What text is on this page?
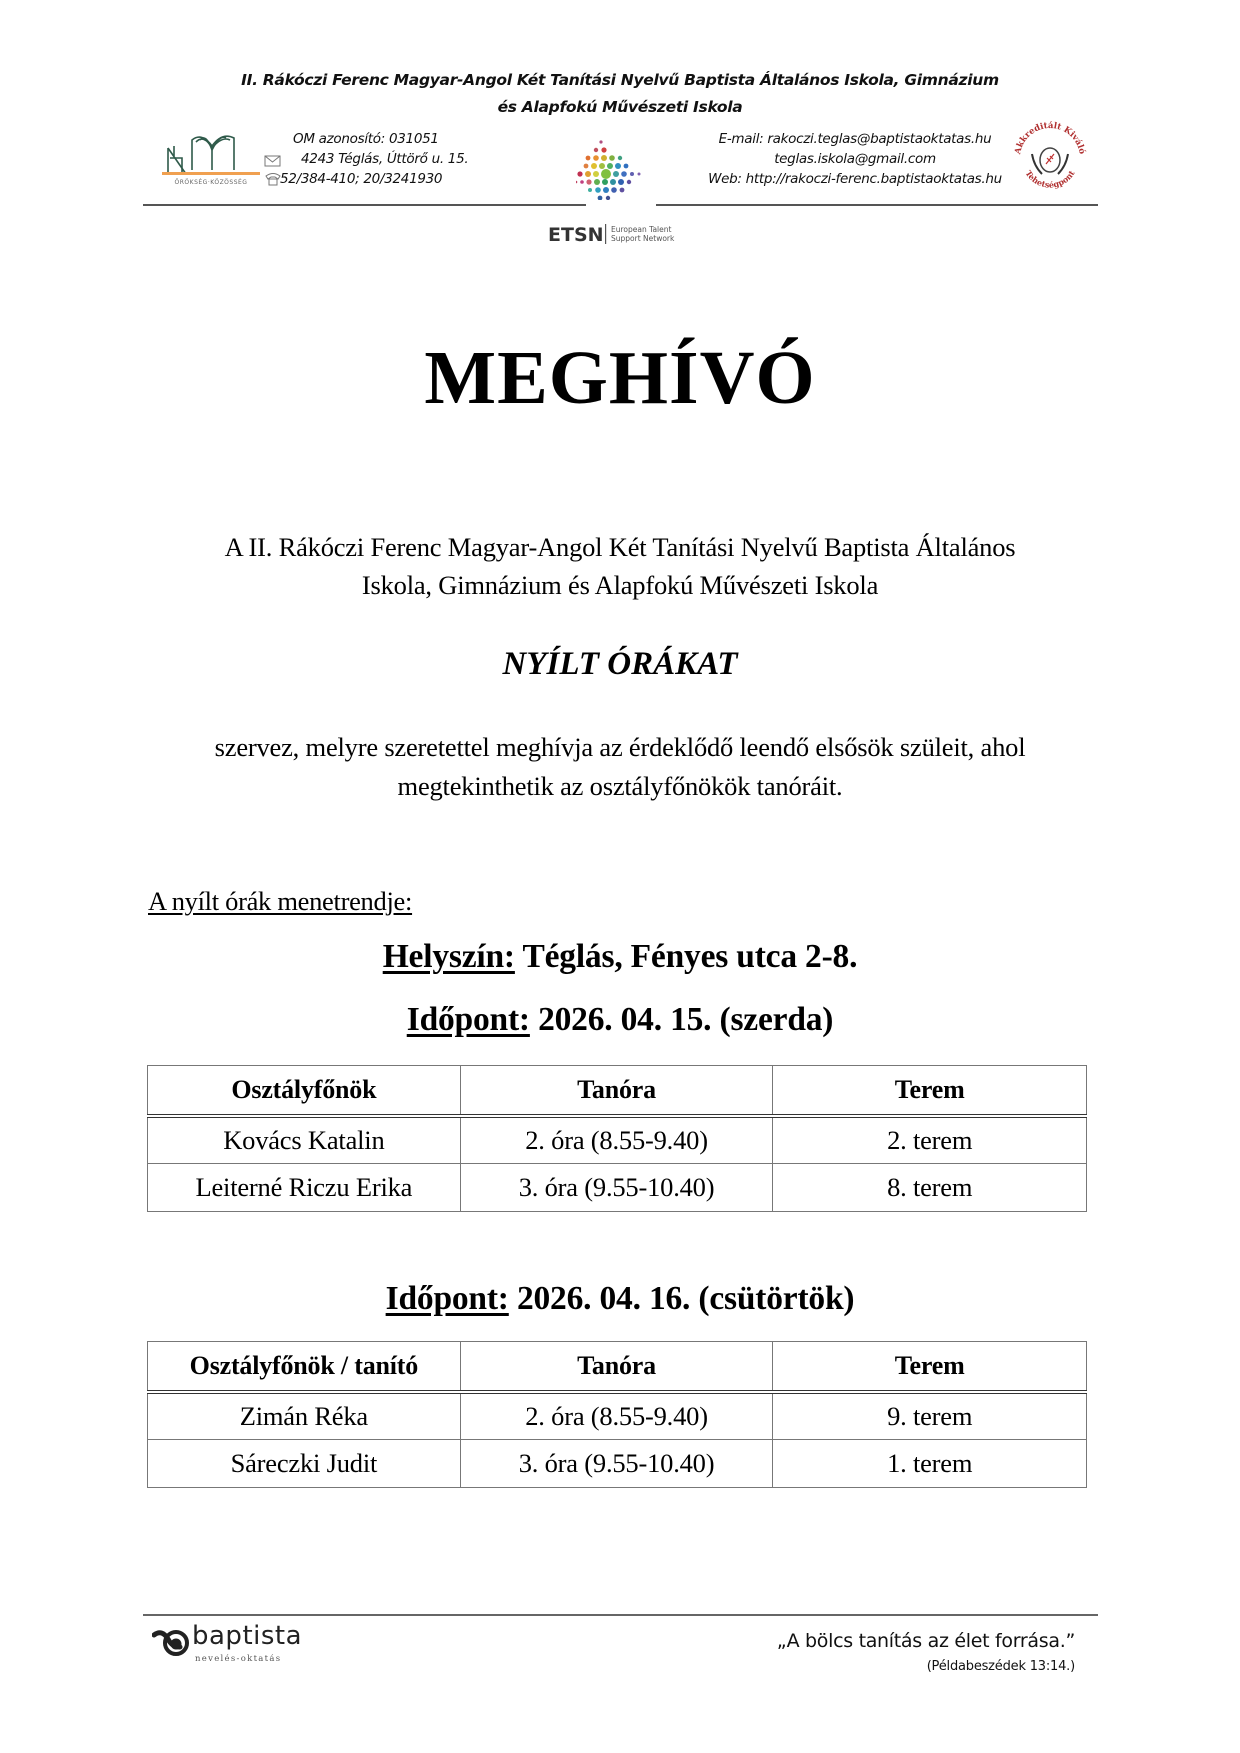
II. Rákóczi Ferenc Magyar-Angol Két Tanítási Nyelvű Baptista Általános Iskola, Gimnázium
és Alapfokú Művészeti Iskola
ÖRÖKSÉG·KÖZÖSSÉG
OM azonosító: 031051
4243 Téglás, Úttörő u. 15.
52/384-410; 20/3241930
E-mail: rakoczi.teglas@baptistaoktatas.hu
teglas.iskola@gmail.com
Web: http://rakoczi-ferenc.baptistaoktatas.hu
Akkreditált Kiváló
Tehetségpont
ETSN European Talent
Support Network
MEGHÍVÓ
A II. Rákóczi Ferenc Magyar-Angol Két Tanítási Nyelvű Baptista Általános
Iskola, Gimnázium és Alapfokú Művészeti Iskola
NYÍLT ÓRÁKAT
szervez, melyre szeretettel meghívja az érdeklődő leendő elsősök szüleit, ahol
megtekinthetik az osztályfőnökök tanóráit.
A nyílt órák menetrendje:
Helyszín: Téglás, Fényes utca 2-8.
Időpont: 2026. 04. 15. (szerda)
Osztályfőnök	Tanóra	Terem
Kovács Katalin	2. óra (8.55-9.40)	2. terem
Leiterné Riczu Erika	3. óra (9.55-10.40)	8. terem
Időpont: 2026. 04. 16. (csütörtök)
Osztályfőnök / tanító	Tanóra	Terem
Zimán Réka	2. óra (8.55-9.40)	9. terem
Sáreczki Judit	3. óra (9.55-10.40)	1. terem
baptista
nevelés-oktatás
„A bölcs tanítás az élet forrása.”
(Példabeszédek 13:14.)
